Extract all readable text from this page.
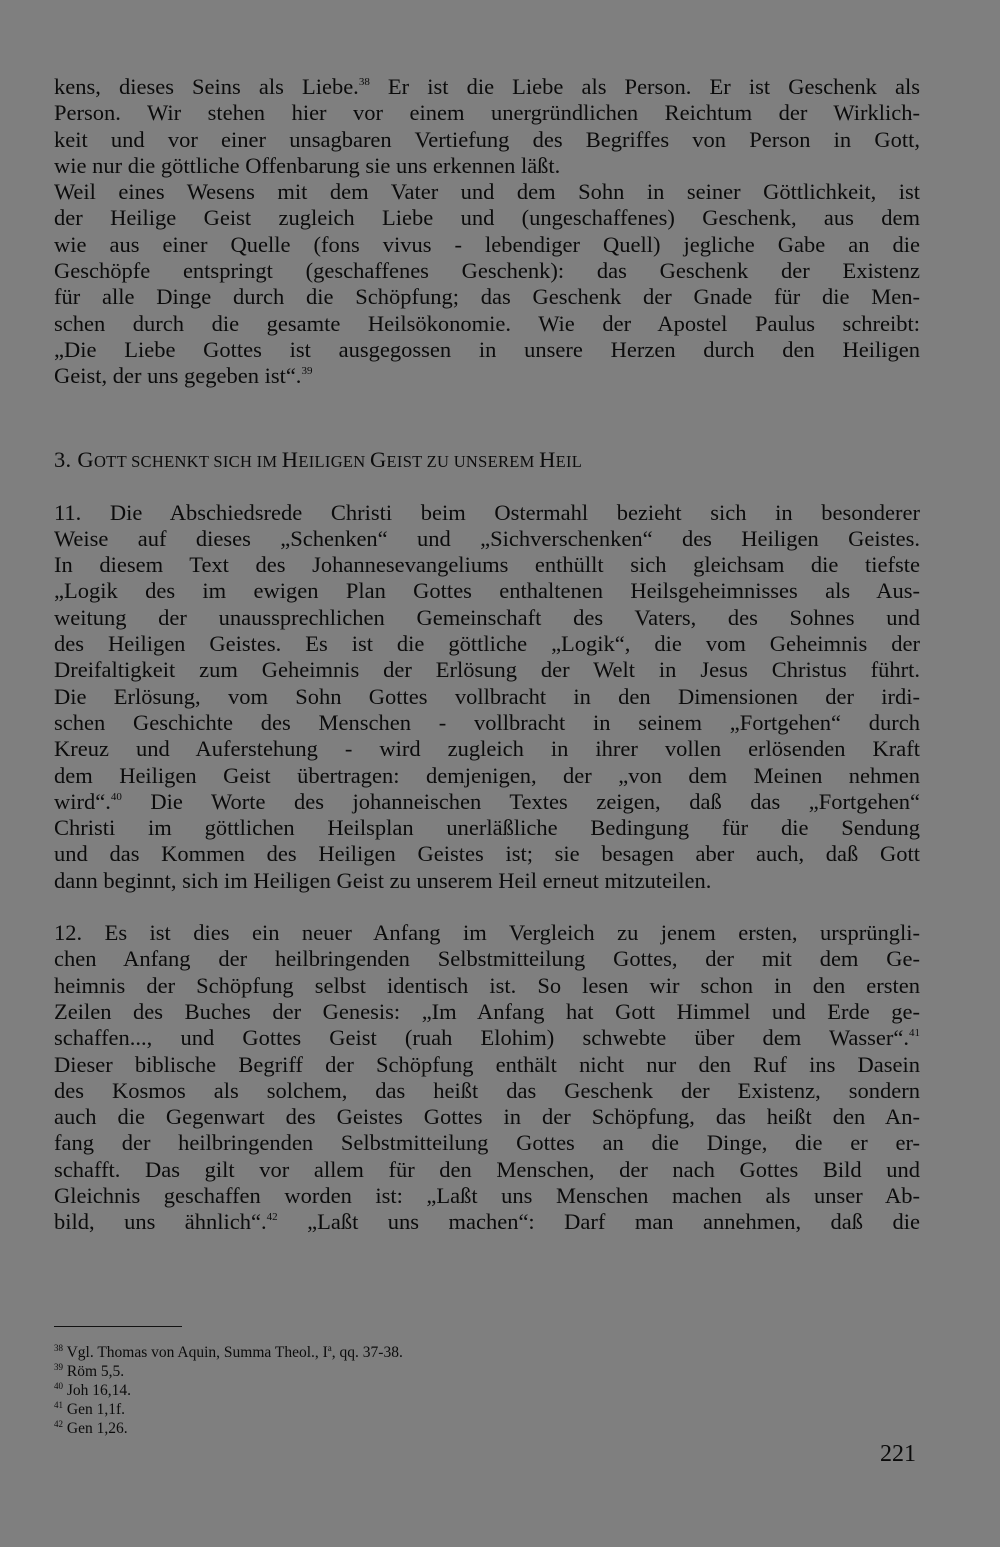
kens, dieses Seins als Liebe.$^{38}$ Er ist die Liebe als Person. Er ist Geschenk als
Person. Wir stehen hier vor einem unergründlichen Reichtum der Wirklich-
keit und vor einer unsagbaren Vertiefung des Begriffes von Person in Gott,
wie nur die göttliche Offenbarung sie uns erkennen läßt.
Weil eines Wesens mit dem Vater und dem Sohn in seiner Göttlichkeit, ist
der Heilige Geist zugleich Liebe und (ungeschaffenes) Geschenk, aus dem
wie aus einer Quelle (fons vivus - lebendiger Quell) jegliche Gabe an die
Geschöpfe entspringt (geschaffenes Geschenk): das Geschenk der Existenz
für alle Dinge durch die Schöpfung; das Geschenk der Gnade für die Men-
schen durch die gesamte Heilsökonomie. Wie der Apostel Paulus schreibt:
„Die Liebe Gottes ist ausgegossen in unsere Herzen durch den Heiligen
Geist, der uns gegeben ist“.$^{39}$
3. GOTT SCHENKT SICH IM HEILIGEN GEIST ZU UNSEREM HEIL
11. Die Abschiedsrede Christi beim Ostermahl bezieht sich in besonderer
Weise auf dieses „Schenken“ und „Sichverschenken“ des Heiligen Geistes.
In diesem Text des Johannesevangeliums enthüllt sich gleichsam die tiefste
„Logik des im ewigen Plan Gottes enthaltenen Heilsgeheimnisses als Aus-
weitung der unaussprechlichen Gemeinschaft des Vaters, des Sohnes und
des Heiligen Geistes. Es ist die göttliche „Logik“, die vom Geheimnis der
Dreifaltigkeit zum Geheimnis der Erlösung der Welt in Jesus Christus führt.
Die Erlösung, vom Sohn Gottes vollbracht in den Dimensionen der irdi-
schen Geschichte des Menschen - vollbracht in seinem „Fortgehen“ durch
Kreuz und Auferstehung - wird zugleich in ihrer vollen erlösenden Kraft
dem Heiligen Geist übertragen: demjenigen, der „von dem Meinen nehmen
wird“.$^{40}$ Die Worte des johanneischen Textes zeigen, daß das „Fortgehen“
Christi im göttlichen Heilsplan unerläßliche Bedingung für die Sendung
und das Kommen des Heiligen Geistes ist; sie besagen aber auch, daß Gott
dann beginnt, sich im Heiligen Geist zu unserem Heil erneut mitzuteilen.
12. Es ist dies ein neuer Anfang im Vergleich zu jenem ersten, ursprüngli-
chen Anfang der heilbringenden Selbstmitteilung Gottes, der mit dem Ge-
heimnis der Schöpfung selbst identisch ist. So lesen wir schon in den ersten
Zeilen des Buches der Genesis: „Im Anfang hat Gott Himmel und Erde ge-
schaffen..., und Gottes Geist (ruah Elohim) schwebte über dem Wasser“.$^{41}$
Dieser biblische Begriff der Schöpfung enthält nicht nur den Ruf ins Dasein
des Kosmos als solchem, das heißt das Geschenk der Existenz, sondern
auch die Gegenwart des Geistes Gottes in der Schöpfung, das heißt den An-
fang der heilbringenden Selbstmitteilung Gottes an die Dinge, die er er-
schafft. Das gilt vor allem für den Menschen, der nach Gottes Bild und
Gleichnis geschaffen worden ist: „Laßt uns Menschen machen als unser Ab-
bild, uns ähnlich“.$^{42}$ „Laßt uns machen“: Darf man annehmen, daß die
$^{38}$ Vgl. Thomas von Aquin, Summa Theol., $I^a$, qq. 37-38.
$^{39}$ Röm 5,5.
$^{40}$ Joh 16,14.
$^{41}$ Gen 1,1f.
$^{42}$ Gen 1,26.
221
